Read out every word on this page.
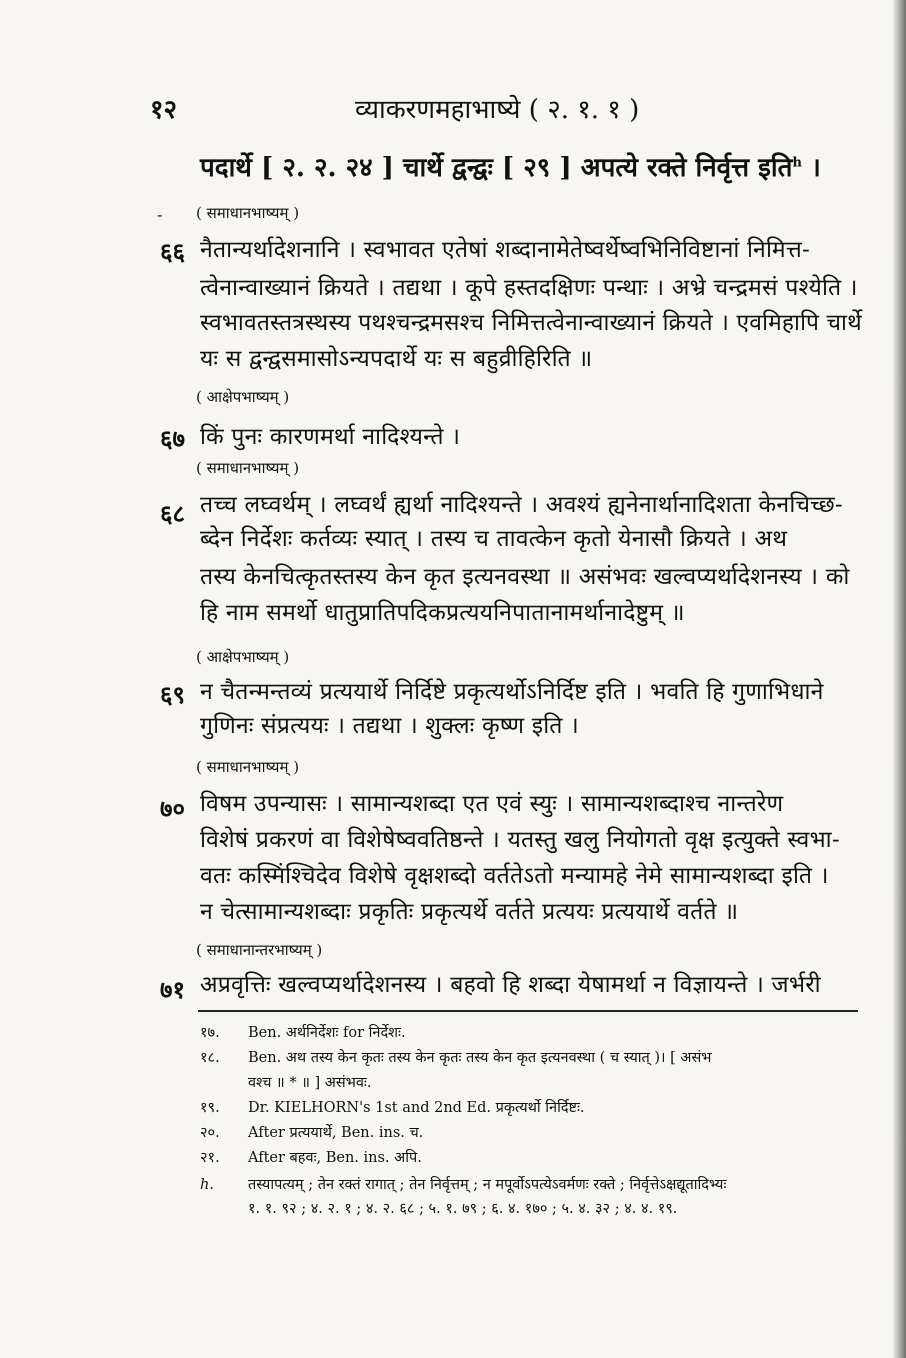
१२	व्याकरणमहाभाष्ये ( २. १. १ )
पदार्थे [ २. २. २४ ] चार्थे द्वन्द्वः [ २९ ] अपत्ये रक्ते निर्वृत्त इति$^h$ ।
- ( समाधानभाष्यम् )
६६ नैतान्यर्थादेशनानि । स्वभावत एतेषां शब्दानामेतेष्वर्थेष्वभिनिविष्टानां निमित्त-
त्वेनान्वाख्यानं क्रियते । तद्यथा । कूपे हस्तदक्षिणः पन्थाः । अभ्रे चन्द्रमसं पश्येति ।
स्वभावतस्तत्रस्थस्य पथश्चन्द्रमसश्च निमित्तत्वेनान्वाख्यानं क्रियते । एवमिहापि चार्थे
यः स द्वन्द्वसमासोऽन्यपदार्थे यः स बहुव्रीहिरिति ॥
( आक्षेपभाष्यम् )
६७ किं पुनः कारणमर्था नादिश्यन्ते ।
( समाधानभाष्यम् )
६८ तच्च लघ्वर्थम् । लघ्वर्थं ह्यर्था नादिश्यन्ते । अवश्यं ह्यनेनार्थानादिशता केनचिच्छ-
ब्देन निर्देशः कर्तव्यः स्यात् । तस्य च तावत्केन कृतो येनासौ क्रियते । अथ
तस्य केनचित्कृतस्तस्य केन कृत इत्यनवस्था ॥ असंभवः खल्वप्यर्थादेशनस्य । को
हि नाम समर्थो धातुप्रातिपदिकप्रत्ययनिपातानामर्थानादेष्टुम् ॥
( आक्षेपभाष्यम् )
६९ न चैतन्मन्तव्यं प्रत्ययार्थे निर्दिष्टे प्रकृत्यर्थोऽनिर्दिष्ट इति । भवति हि गुणाभिधाने
गुणिनः संप्रत्ययः । तद्यथा । शुक्लः कृष्ण इति ।
( समाधानभाष्यम् )
७० विषम उपन्यासः । सामान्यशब्दा एत एवं स्युः । सामान्यशब्दाश्च नान्तरेण
विशेषं प्रकरणं वा विशेषेष्ववतिष्ठन्ते । यतस्तु खलु नियोगतो वृक्ष इत्युक्ते स्वभा-
वतः कस्मिंश्चिदेव विशेषे वृक्षशब्दो वर्ततेऽतो मन्यामहे नेमे सामान्यशब्दा इति ।
न चेत्सामान्यशब्दाः प्रकृतिः प्रकृत्यर्थे वर्तते प्रत्ययः प्रत्ययार्थे वर्तते ॥
( समाधानान्तरभाष्यम् )
७१ अप्रवृत्तिः खल्वप्यर्थादेशनस्य । बहवो हि शब्दा येषामर्था न विज्ञायन्ते । जर्भरी
१७. Ben. अर्थनिर्देशः for निर्देशः.
१८. Ben. अथ तस्य केन कृतः तस्य केन कृतः तस्य केन कृत इत्यनवस्था ( च स्यात् )। [ असंभ
वश्च ॥ * ॥ ] असंभवः.
१९. Dr. KIELHORN's 1st and 2nd Ed. प्रकृत्यर्थो निर्दिष्टः.
२०. After प्रत्ययार्थे, Ben. ins. च.
२१. After बहवः, Ben. ins. अपि.
h. तस्यापत्यम् ; तेन रक्तं रागात् ; तेन निर्वृत्तम् ; न मपूर्वोऽपत्येऽवर्मणः रक्ते ; निर्वृत्तेऽक्षद्यूतादिभ्यः
१. १. ९२ ; ४. २. १ ; ४. २. ६८ ; ५. १. ७९ ; ६. ४. १७० ; ५. ४. ३२ ; ४. ४. १९.
